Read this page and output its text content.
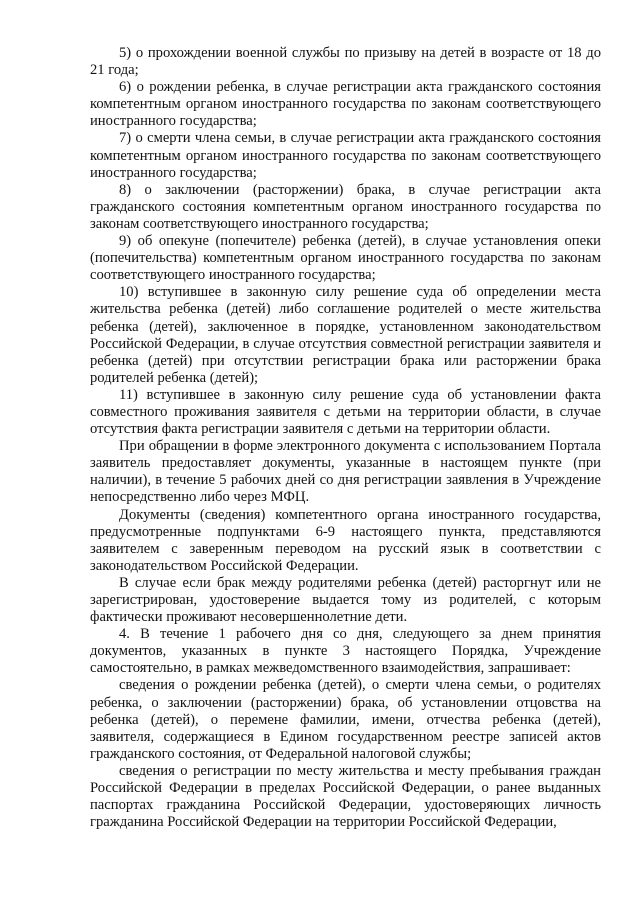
5) о прохождении военной службы по призыву на детей в возрасте от 18 до 21 года;

6) о рождении ребенка, в случае регистрации акта гражданского состояния компетентным органом иностранного государства по законам соответствующего иностранного государства;

7) о смерти члена семьи, в случае регистрации акта гражданского состояния компетентным органом иностранного государства по законам соответствующего иностранного государства;

8) о заключении (расторжении) брака, в случае регистрации акта гражданского состояния компетентным органом иностранного государства по законам соответствующего иностранного государства;

9) об опекуне (попечителе) ребенка (детей), в случае установления опеки (попечительства) компетентным органом иностранного государства по законам соответствующего иностранного государства;

10) вступившее в законную силу решение суда об определении места жительства ребенка (детей) либо соглашение родителей о месте жительства ребенка (детей), заключенное в порядке, установленном законодательством Российской Федерации, в случае отсутствия совместной регистрации заявителя и ребенка (детей) при отсутствии регистрации брака или расторжении брака родителей ребенка (детей);

11) вступившее в законную силу решение суда об установлении факта совместного проживания заявителя с детьми на территории области, в случае отсутствия факта регистрации заявителя с детьми на территории области.

При обращении в форме электронного документа с использованием Портала заявитель предоставляет документы, указанные в настоящем пункте (при наличии), в течение 5 рабочих дней со дня регистрации заявления в Учреждение непосредственно либо через МФЦ.

Документы (сведения) компетентного органа иностранного государства, предусмотренные подпунктами 6-9 настоящего пункта, представляются заявителем с заверенным переводом на русский язык в соответствии с законодательством Российской Федерации.

В случае если брак между родителями ребенка (детей) расторгнут или не зарегистрирован, удостоверение выдается тому из родителей, с которым фактически проживают несовершеннолетние дети.

4. В течение 1 рабочего дня со дня, следующего за днем принятия документов, указанных в пункте 3 настоящего Порядка, Учреждение самостоятельно, в рамках межведомственного взаимодействия, запрашивает:

сведения о рождении ребенка (детей), о смерти члена семьи, о родителях ребенка, о заключении (расторжении) брака, об установлении отцовства на ребенка (детей), о перемене фамилии, имени, отчества ребенка (детей), заявителя, содержащиеся в Едином государственном реестре записей актов гражданского состояния, от Федеральной налоговой службы;

сведения о регистрации по месту жительства и месту пребывания граждан Российской Федерации в пределах Российской Федерации, о ранее выданных паспортах гражданина Российской Федерации, удостоверяющих личность гражданина Российской Федерации на территории Российской Федерации,
